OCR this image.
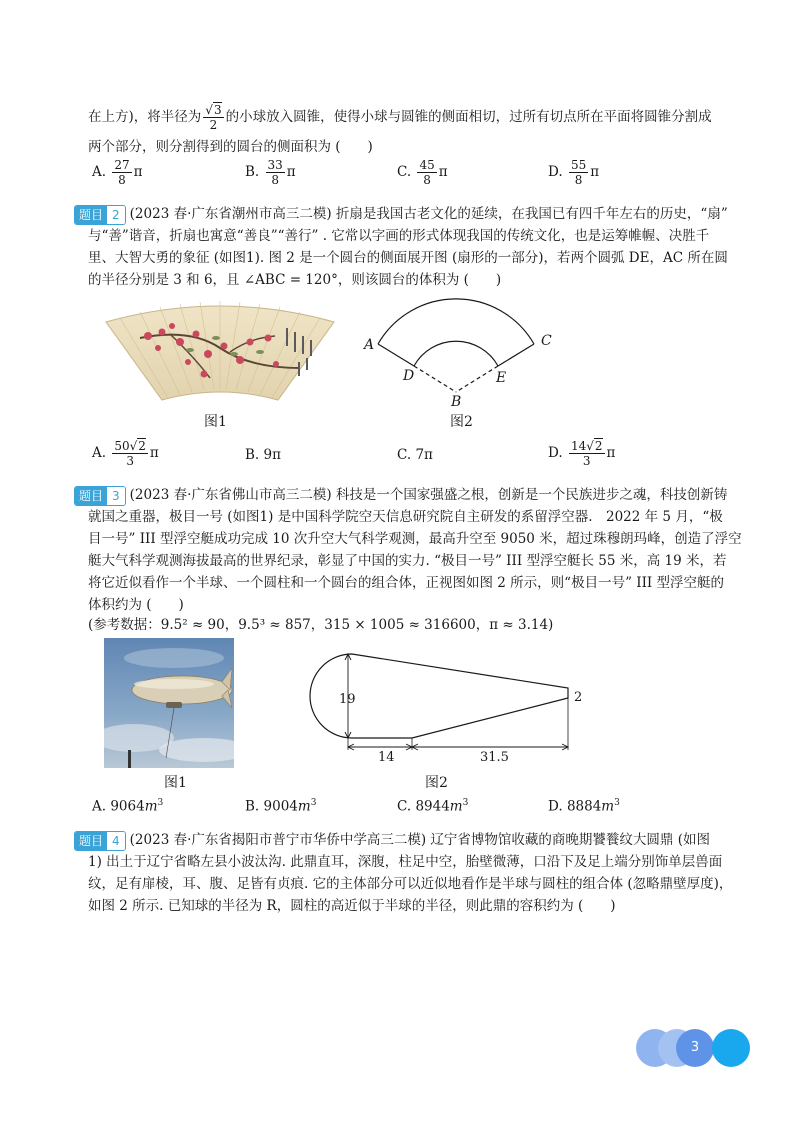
在上方)，将半径为 $\frac{√3}{2}$ 的小球放入圆锥，使得小球与圆锥的侧面相切，过所有切点所在平面将圆锥分割成
两个部分，则分割得到的圆台的侧面积为 (　　)
A. $\frac{27}{8}$ π	B. $\frac{33}{8}$ π	C. $\frac{45}{8}$ π	D. $\frac{55}{8}$ π
题目 2 (2023 春·广东省潮州市高三二模) 折扇是我国古老文化的延续，在我国已有四千年左右的历史，“扇”
与“善”谐音，折扇也寓意“善良”“善行” . 它常以字画的形式体现我国的传统文化，也是运筹帷幄、决胜千
里、大智大勇的象征 (如图1). 图 2 是一个圆台的侧面展开图 (扇形的一部分)，若两个圆弧 DE，AC 所在圆
的半径分别是 3 和 6，且 ∠ABC = 120°，则该圆台的体积为 (　　)
图1
A	C
D	E
B
图2
A. $\frac{50√2}{3}$ π	B. 9π	C. 7π	D. $\frac{14√2}{3}$ π
题目 3 (2023 春·广东省佛山市高三二模) 科技是一个国家强盛之根，创新是一个民族进步之魂，科技创新铸
就国之重器，极目一号 (如图1) 是中国科学院空天信息研究院自主研发的系留浮空器.　2022 年 5 月，“极
目一号” III 型浮空艇成功完成 10 次升空大气科学观测，最高升空至 9050 米，超过珠穆朗玛峰，创造了浮空
艇大气科学观测海拔最高的世界纪录，彰显了中国的实力. “极目一号” III 型浮空艇长 55 米，高 19 米，若
将它近似看作一个半球、一个圆柱和一个圆台的组合体，正视图如图 2 所示，则“极目一号” III 型浮空艇的
体积约为 (　　)
(参考数据：9.5² ≈ 90，9.5³ ≈ 857，315 × 1005 ≈ 316600，π ≈ 3.14)
图1
19	2
14	31.5
图2
A. $9064m^3$	B. $9004m^3$	C. $8944m^3$	D. $8884m^3$
题目 4 (2023 春·广东省揭阳市普宁市华侨中学高三二模) 辽宁省博物馆收藏的商晚期饕餮纹大圆鼎 (如图
1) 出土于辽宁省略左县小波汰沟. 此鼎直耳，深腹，柱足中空，胎壁微薄，口沿下及足上端分别饰单层兽面
纹，足有扉棱，耳、腹、足皆有贞痕. 它的主体部分可以近似地看作是半球与圆柱的组合体 (忽略鼎壁厚度)，
如图 2 所示. 已知球的半径为 R，圆柱的高近似于半球的半径，则此鼎的容积约为 (　　)
3
